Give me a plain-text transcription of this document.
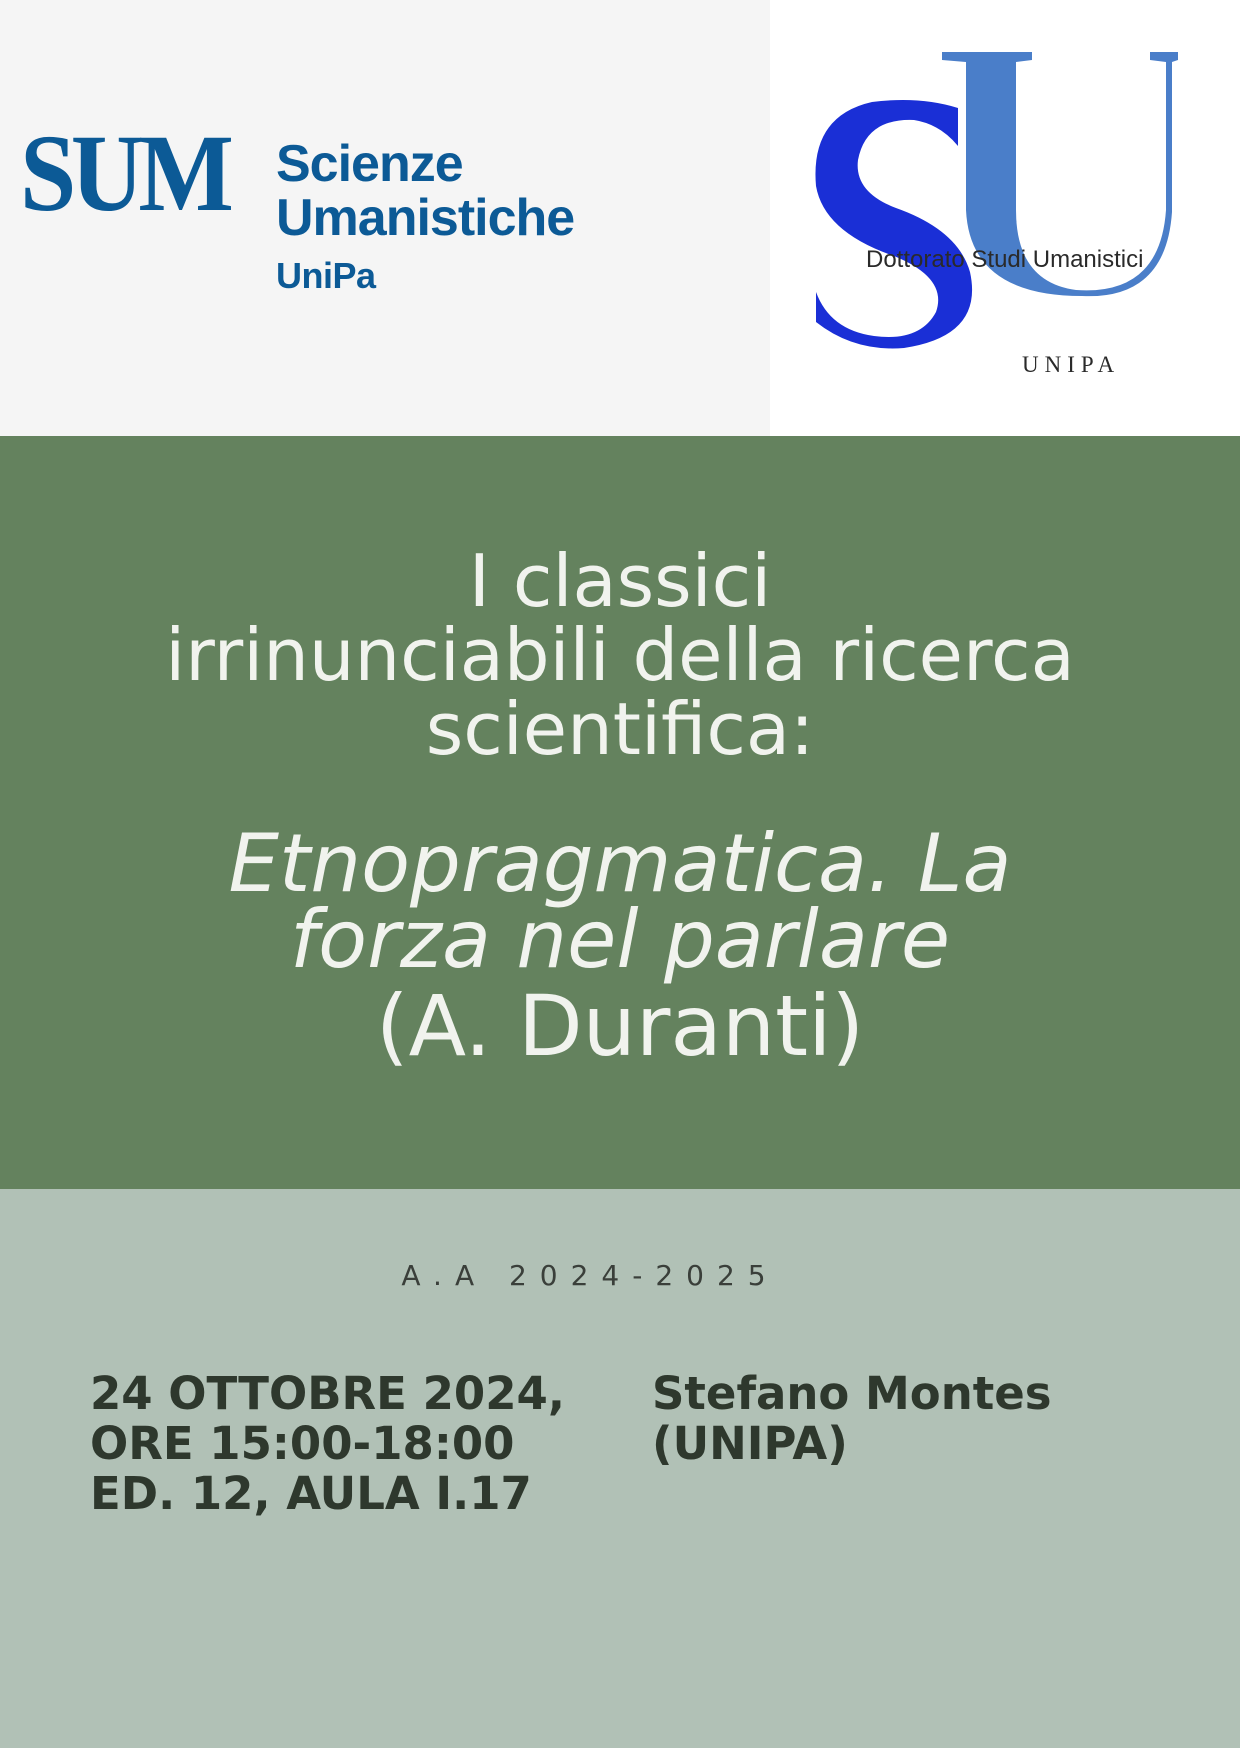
SUM Scienze
Umanistiche
UniPa	Dottorato Studi Umanistici
UNIPA
I classici
irrinunciabili della ricerca
scientifica:
Etnopragmatica. La
forza nel parlare
(A. Duranti)
A.A 2024-2025
24 OTTOBRE 2024,
ORE 15:00-18:00
ED. 12, AULA I.17
Stefano Montes
(UNIPA)
